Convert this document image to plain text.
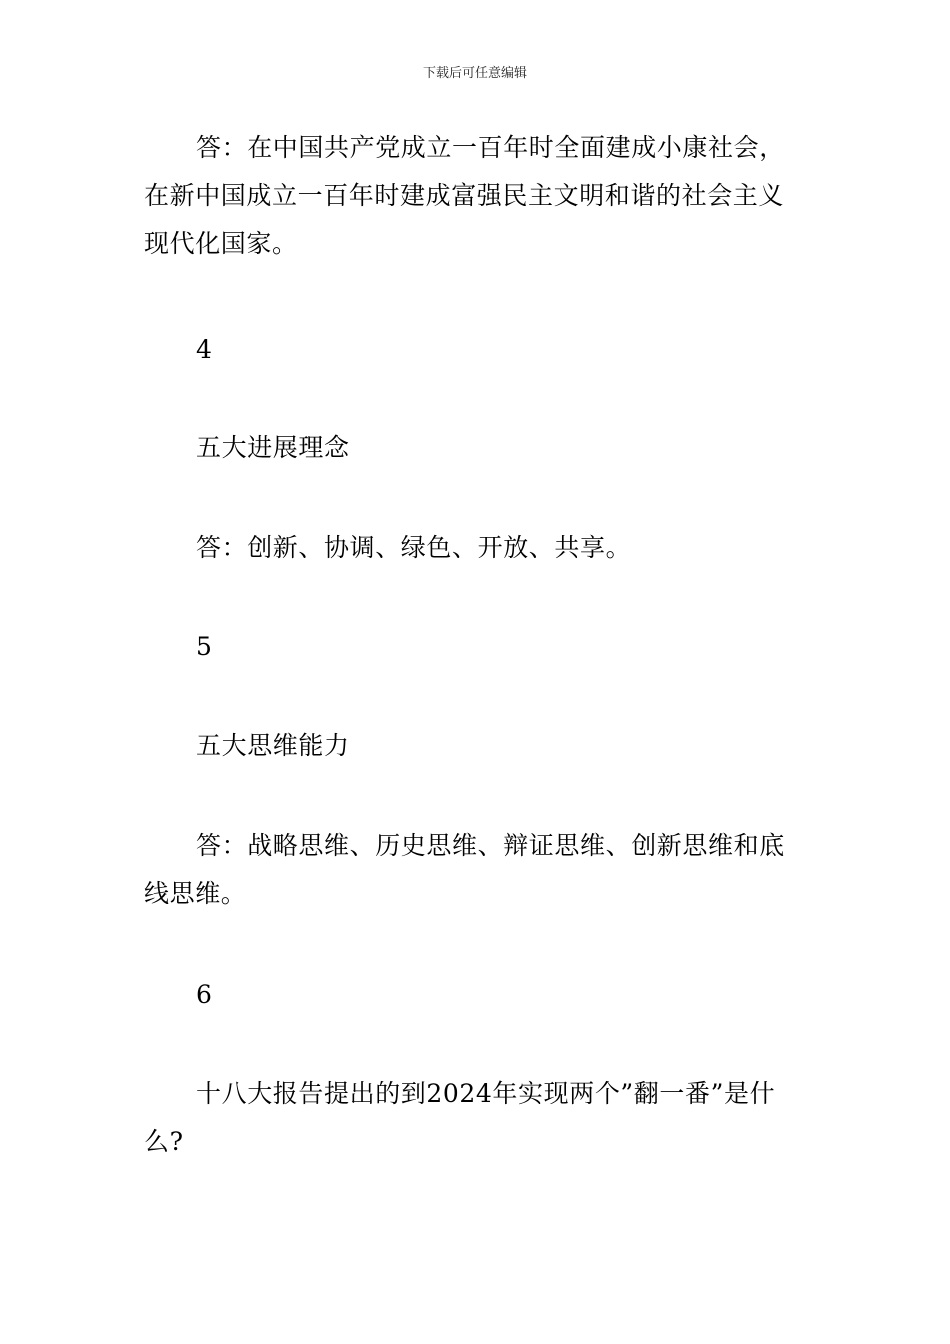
下载后可任意编辑

答：在中国共产党成立一百年时全面建成小康社会，在新中国成立一百年时建成富强民主文明和谐的社会主义现代化国家。

4

五大进展理念

答：创新、协调、绿色、开放、共享。

5

五大思维能力

答：战略思维、历史思维、辩证思维、创新思维和底线思维。

6

十八大报告提出的到2024年实现两个”翻一番”是什么?
